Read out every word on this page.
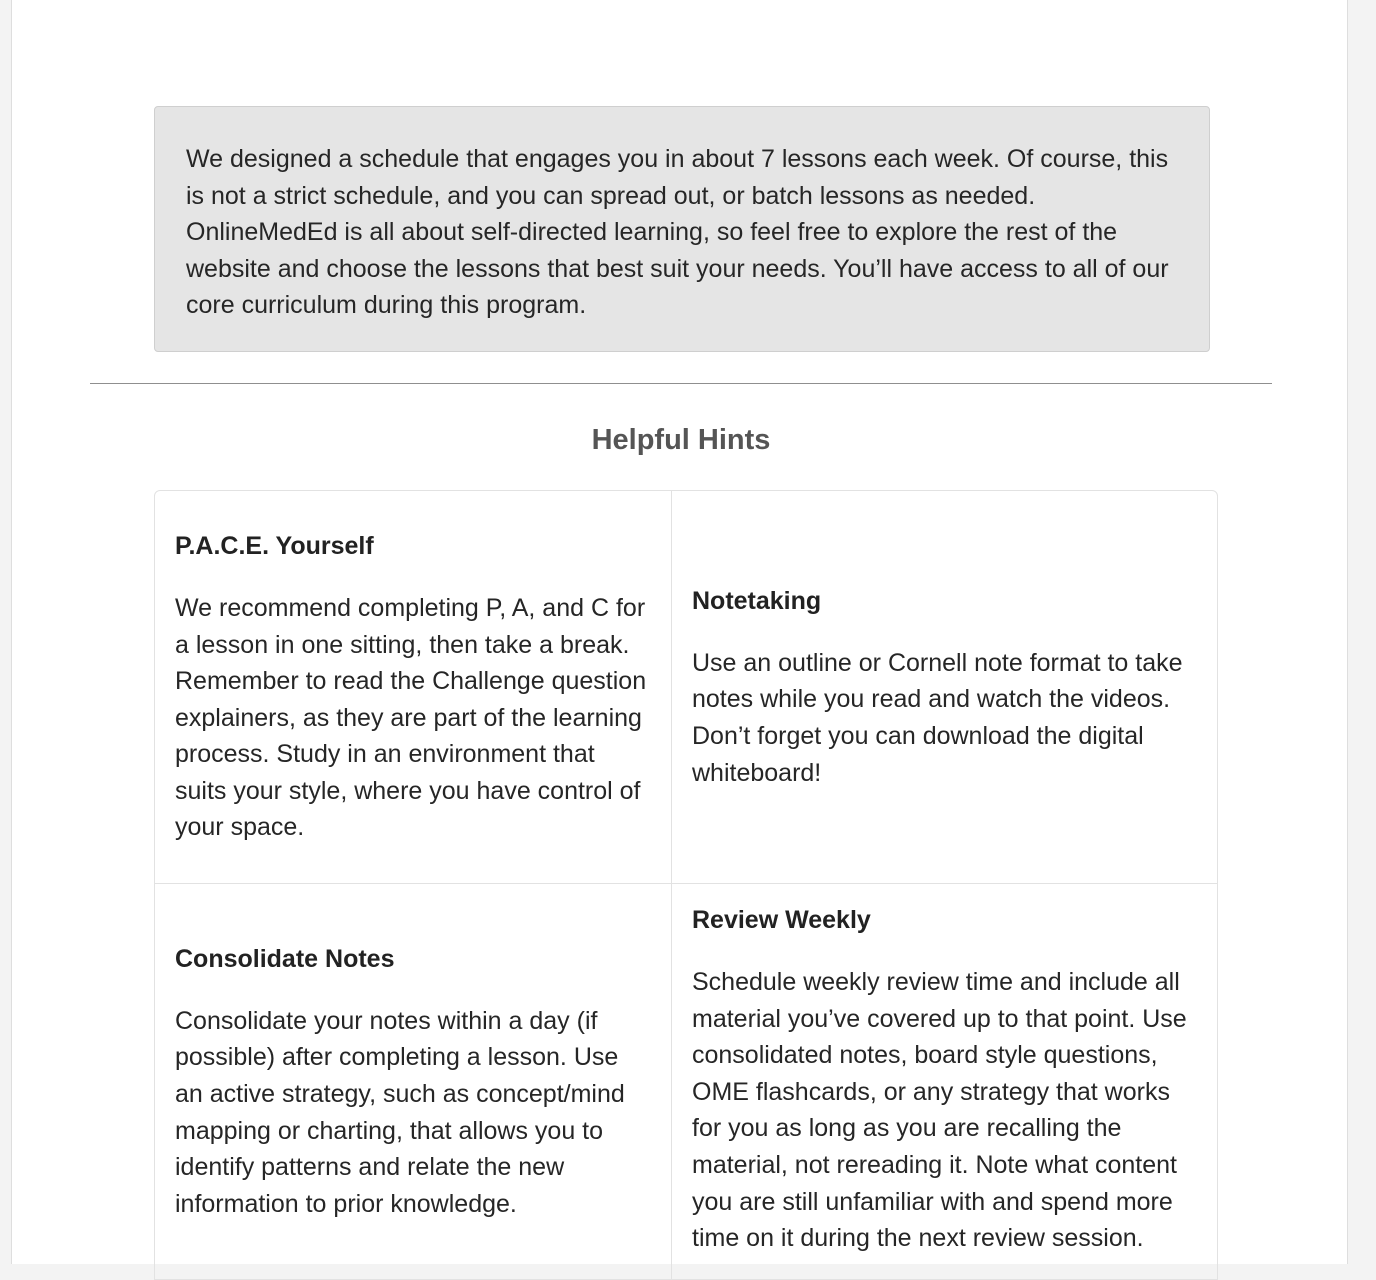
We designed a schedule that engages you in about 7 lessons each week. Of course, this is not a strict schedule, and you can spread out, or batch lessons as needed. OnlineMedEd is all about self-directed learning, so feel free to explore the rest of the website and choose the lessons that best suit your needs. You’ll have access to all of our core curriculum during this program.
Helpful Hints
P.A.C.E. Yourself

We recommend completing P, A, and C for a lesson in one sitting, then take a break. Remember to read the Challenge question explainers, as they are part of the learning process. Study in an environment that suits your style, where you have control of your space.

Notetaking

Use an outline or Cornell note format to take notes while you read and watch the videos. Don’t forget you can download the digital whiteboard!

Consolidate Notes

Consolidate your notes within a day (if possible) after completing a lesson. Use an active strategy, such as concept/mind mapping or charting, that allows you to identify patterns and relate the new information to prior knowledge.

Review Weekly

Schedule weekly review time and include all material you’ve covered up to that point. Use consolidated notes, board style questions, OME flashcards, or any strategy that works for you as long as you are recalling the material, not rereading it. Note what content you are still unfamiliar with and spend more time on it during the next review session.
